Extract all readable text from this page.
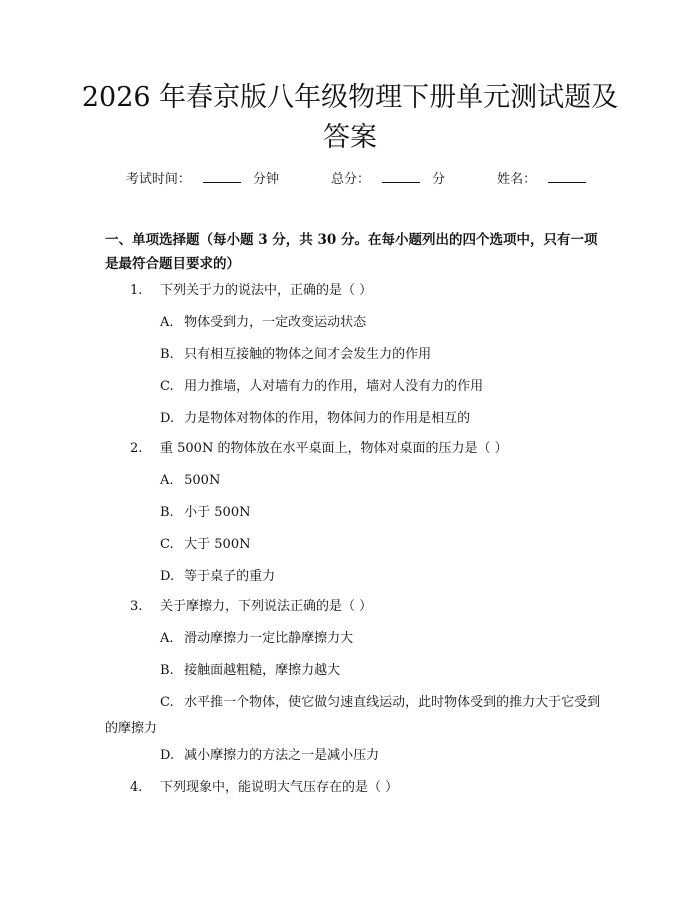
2026 年春京版八年级物理下册单元测试题及
答案
考试时间：	分钟	总分：	分	姓名：
一、单项选择题（每小题 3 分，共 30 分。在每小题列出的四个选项中，只有一项是最符合题目要求的）
1. 下列关于力的说法中，正确的是（ ）
A. 物体受到力，一定改变运动状态
B. 只有相互接触的物体之间才会发生力的作用
C. 用力推墙，人对墙有力的作用，墙对人没有力的作用
D. 力是物体对物体的作用，物体间力的作用是相互的
2. 重 500N 的物体放在水平桌面上，物体对桌面的压力是（ ）
A. 500N
B. 小于 500N
C. 大于 500N
D. 等于桌子的重力
3. 关于摩擦力，下列说法正确的是（ ）
A. 滑动摩擦力一定比静摩擦力大
B. 接触面越粗糙，摩擦力越大
C. 水平推一个物体，使它做匀速直线运动，此时物体受到的推力大于它受到的摩擦力
D. 减小摩擦力的方法之一是减小压力
4. 下列现象中，能说明大气压存在的是（ ）
